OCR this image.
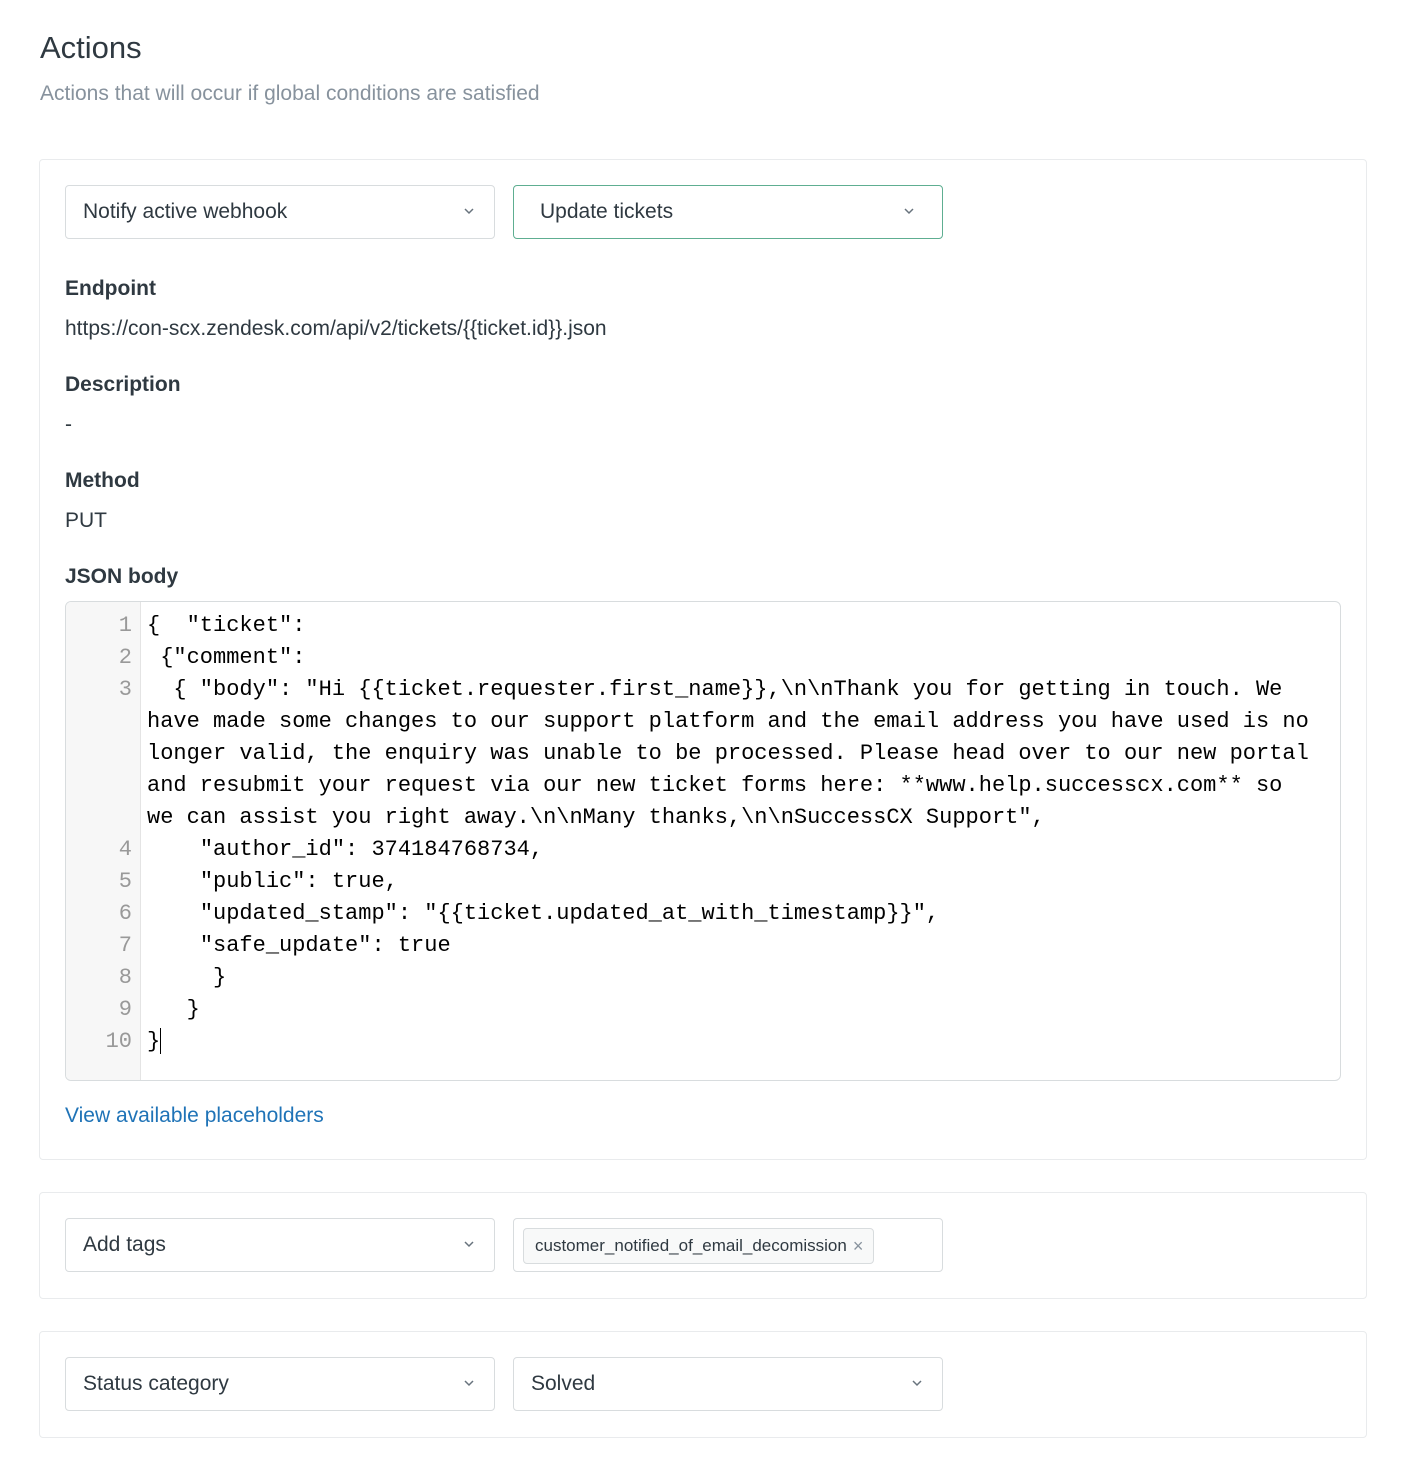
Actions
Actions that will occur if global conditions are satisfied
Notify active webhook	Update tickets
Endpoint
https://con-scx.zendesk.com/api/v2/tickets/{{ticket.id}}.json
Description
-
Method
PUT
JSON body
1 {  "ticket":
2 {"comment":
3 { "body": "Hi {{ticket.requester.first_name}},\n\nThank you for getting in touch. We have made some changes to our support platform and the email address you have used is no longer valid, the enquiry was unable to be processed. Please head over to our new portal and resubmit your request via our new ticket forms here: **www.help.successcx.com** so we can assist you right away.\n\nMany thanks,\n\nSuccessCX Support",
4 "author_id": 374184768734,
5 "public": true,
6 "updated_stamp": "{{ticket.updated_at_with_timestamp}}",
7 "safe_update": true
8 }
9 }
10 }
View available placeholders
Add tags	customer_notified_of_email_decomission ×
Status category	Solved
